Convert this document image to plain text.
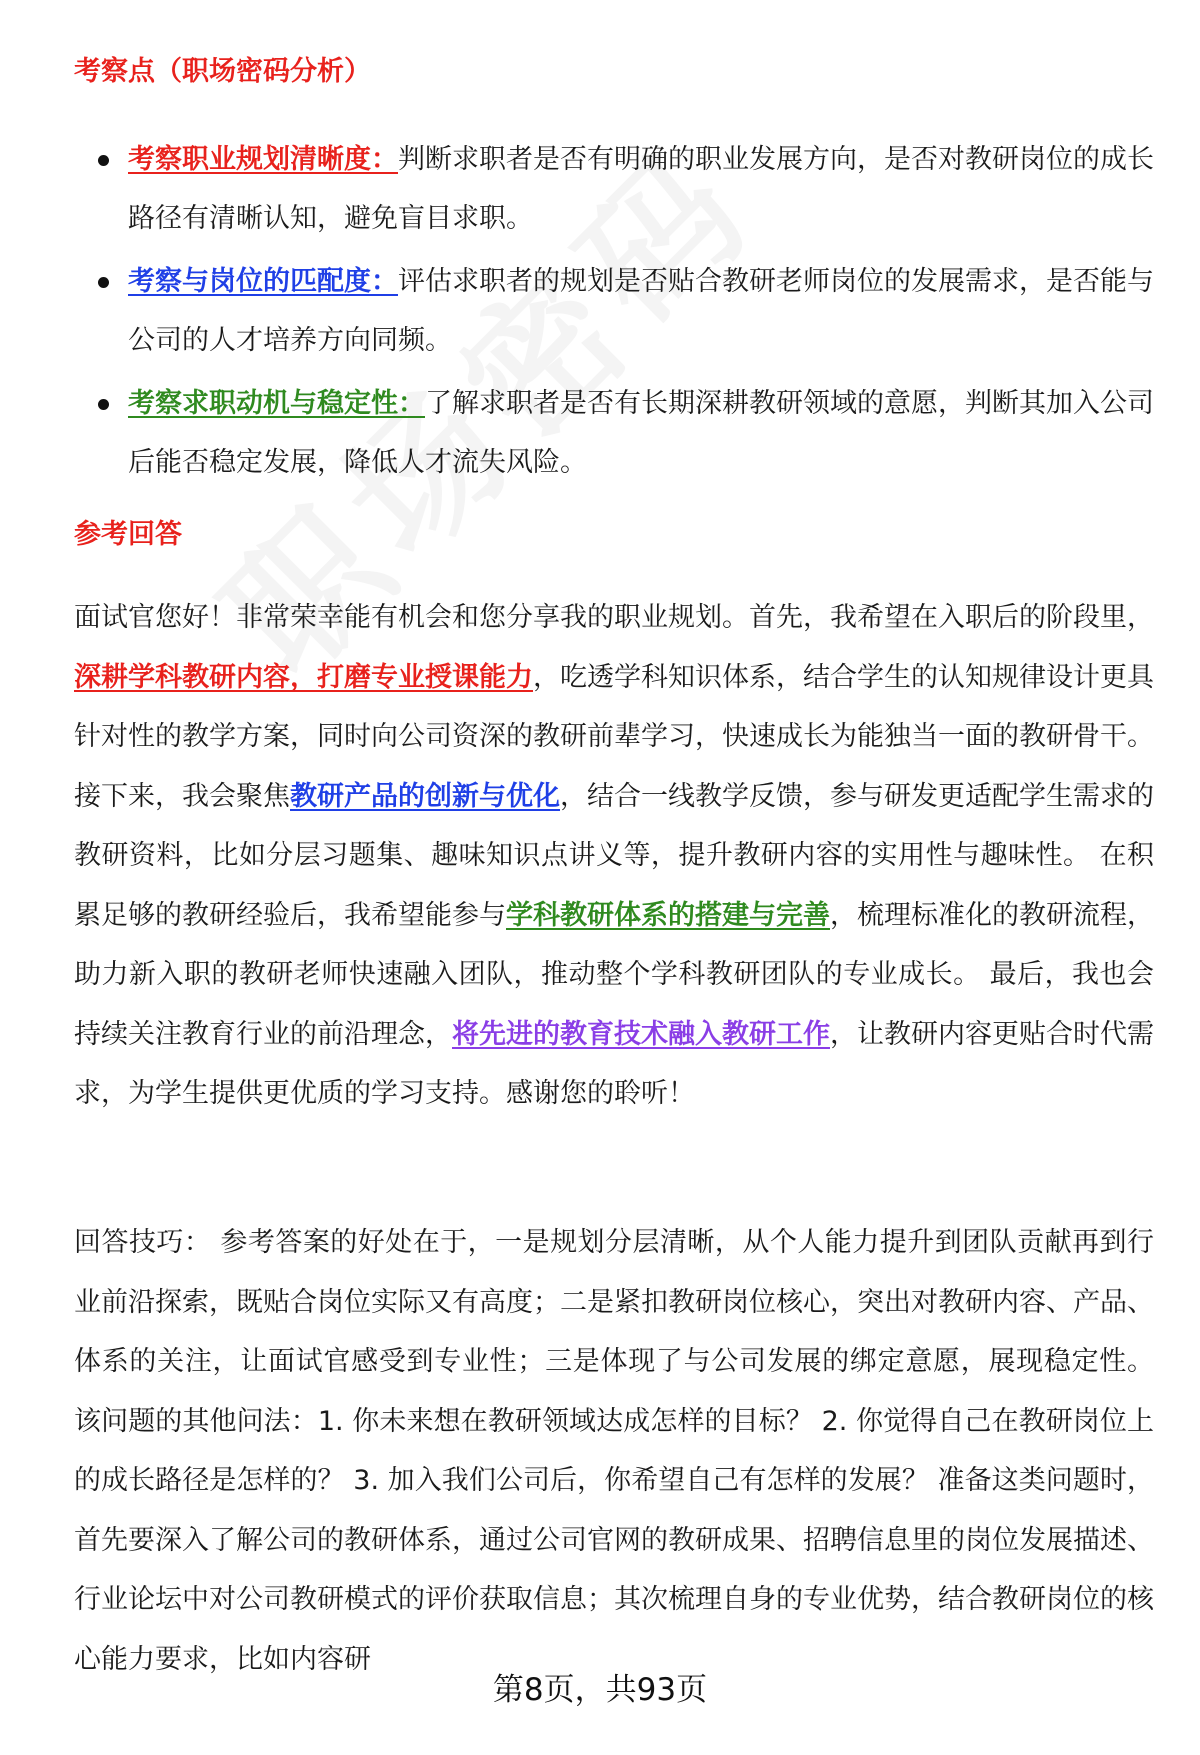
考察点（职场密码分析）
考察职业规划清晰度：判断求职者是否有明确的职业发展方向，是否对教研岗位的成长路径有清晰认知，避免盲目求职。
考察与岗位的匹配度：评估求职者的规划是否贴合教研老师岗位的发展需求，是否能与公司的人才培养方向同频。
考察求职动机与稳定性：了解求职者是否有长期深耕教研领域的意愿，判断其加入公司后能否稳定发展，降低人才流失风险。
参考回答

面试官您好！非常荣幸能有机会和您分享我的职业规划。首先，我希望在入职后的阶段里，深耕学科教研内容，打磨专业授课能力，吃透学科知识体系，结合学生的认知规律设计更具针对性的教学方案，同时向公司资深的教研前辈学习，快速成长为能独当一面的教研骨干。 接下来，我会聚焦教研产品的创新与优化，结合一线教学反馈，参与研发更适配学生需求的教研资料，比如分层习题集、趣味知识点讲义等，提升教研内容的实用性与趣味性。 在积累足够的教研经验后，我希望能参与学科教研体系的搭建与完善，梳理标准化的教研流程，助力新入职的教研老师快速融入团队，推动整个学科教研团队的专业成长。 最后，我也会持续关注教育行业的前沿理念，将先进的教育技术融入教研工作，让教研内容更贴合时代需求，为学生提供更优质的学习支持。感谢您的聆听！

回答技巧： 参考答案的好处在于，一是规划分层清晰，从个人能力提升到团队贡献再到行业前沿探索，既贴合岗位实际又有高度；二是紧扣教研岗位核心，突出对教研内容、产品、体系的关注，让面试官感受到专业性；三是体现了与公司发展的绑定意愿，展现稳定性。 该问题的其他问法：1. 你未来想在教研领域达成怎样的目标？ 2. 你觉得自己在教研岗位上的成长路径是怎样的？ 3. 加入我们公司后，你希望自己有怎样的发展？ 准备这类问题时，首先要深入了解公司的教研体系，通过公司官网的教研成果、招聘信息里的岗位发展描述、行业论坛中对公司教研模式的评价获取信息；其次梳理自身的专业优势，结合教研岗位的核心能力要求，比如内容研

第8页，共93页
